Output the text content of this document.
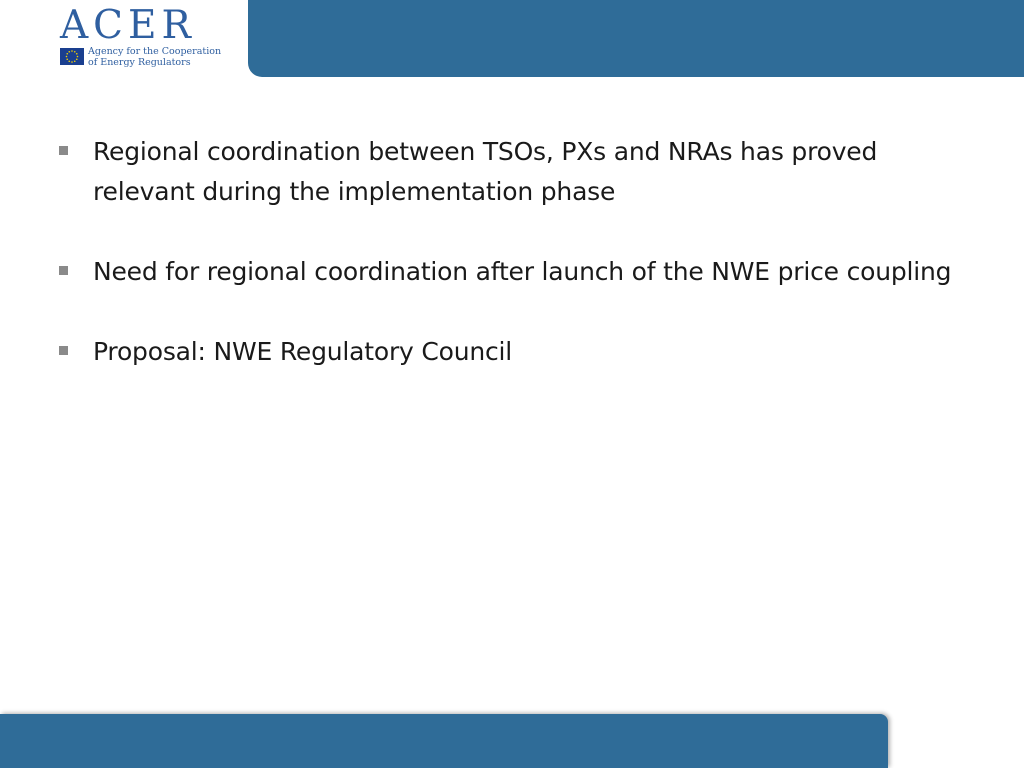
ACER
Agency for the Cooperation
of Energy Regulators
Regional coordination between TSOs, PXs and NRAs has proved relevant during the implementation phase
Need for regional coordination after launch of the NWE price coupling
Proposal: NWE Regulatory Council
